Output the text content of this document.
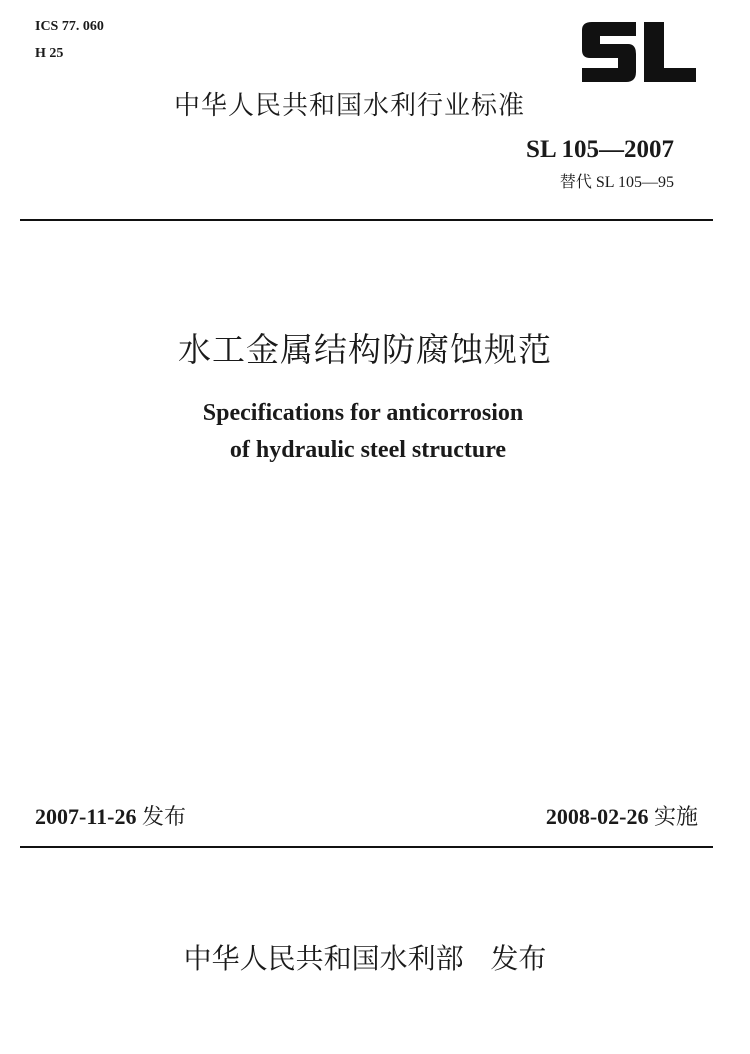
ICS 77. 060
H 25
中华人民共和国水利行业标准
SL 105—2007
替代 SL 105—95
水工金属结构防腐蚀规范
Specifications for anticorrosion
of hydraulic steel structure
2007-11-26 发布	2008-02-26 实施
中华人民共和国水利部   发布
